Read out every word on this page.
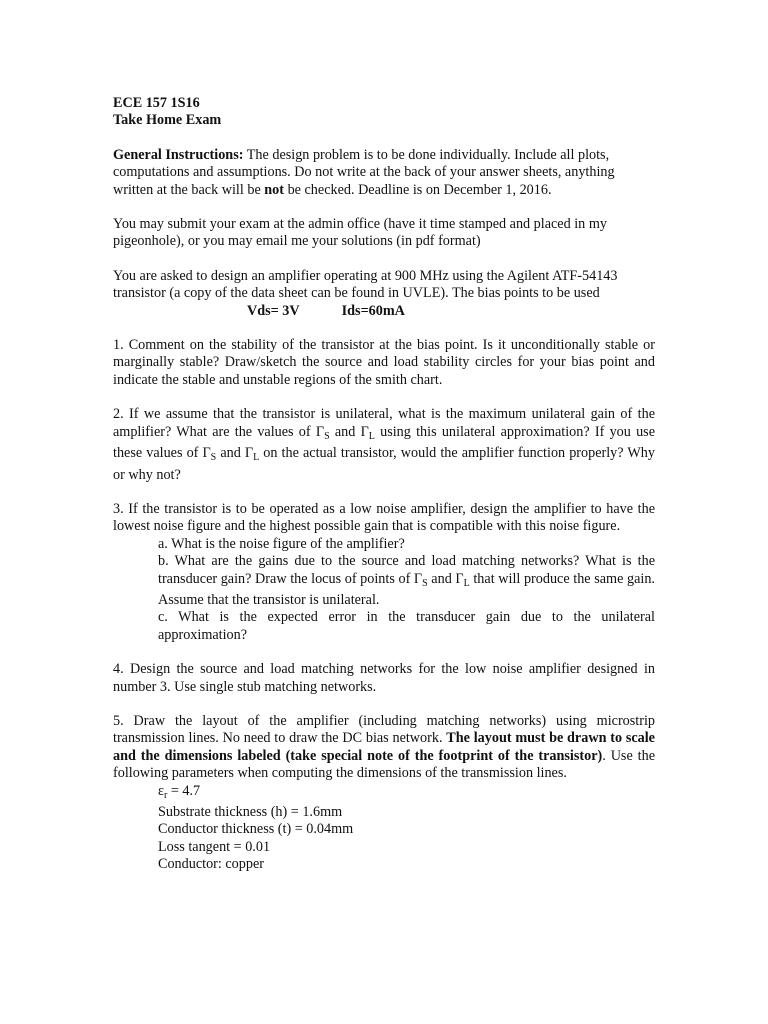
ECE 157 1S16

Take Home Exam

General Instructions: The design problem is to be done individually. Include all plots, computations and assumptions. Do not write at the back of your answer sheets, anything written at the back will be not be checked. Deadline is on December 1, 2016.

You may submit your exam at the admin office (have it time stamped and placed in my pigeonhole), or you may email me your solutions (in pdf format)

You are asked to design an amplifier operating at 900 MHz using the Agilent ATF-54143 transistor (a copy of the data sheet can be found in UVLE). The bias points to be used

Vds= 3V	Ids=60mA

1. Comment on the stability of the transistor at the bias point. Is it unconditionally stable or marginally stable? Draw/sketch the source and load stability circles for your bias point and indicate the stable and unstable regions of the smith chart.

2. If we assume that the transistor is unilateral, what is the maximum unilateral gain of the amplifier? What are the values of $\Gamma_S$ and $\Gamma_L$ using this unilateral approximation? If you use these values of $\Gamma_S$ and $\Gamma_L$ on the actual transistor, would the amplifier function properly? Why or why not?

3. If the transistor is to be operated as a low noise amplifier, design the amplifier to have the lowest noise figure and the highest possible gain that is compatible with this noise figure.

a. What is the noise figure of the amplifier?

b. What are the gains due to the source and load matching networks? What is the transducer gain? Draw the locus of points of $\Gamma_S$ and $\Gamma_L$ that will produce the same gain. Assume that the transistor is unilateral.

c. What is the expected error in the transducer gain due to the unilateral approximation?

4. Design the source and load matching networks for the low noise amplifier designed in number 3. Use single stub matching networks.

5. Draw the layout of the amplifier (including matching networks) using microstrip transmission lines. No need to draw the DC bias network. The layout must be drawn to scale and the dimensions labeled (take special note of the footprint of the transistor). Use the following parameters when computing the dimensions of the transmission lines.

$\varepsilon_r = 4.7$

Substrate thickness (h) = 1.6mm

Conductor thickness (t) = 0.04mm

Loss tangent = 0.01

Conductor: copper
